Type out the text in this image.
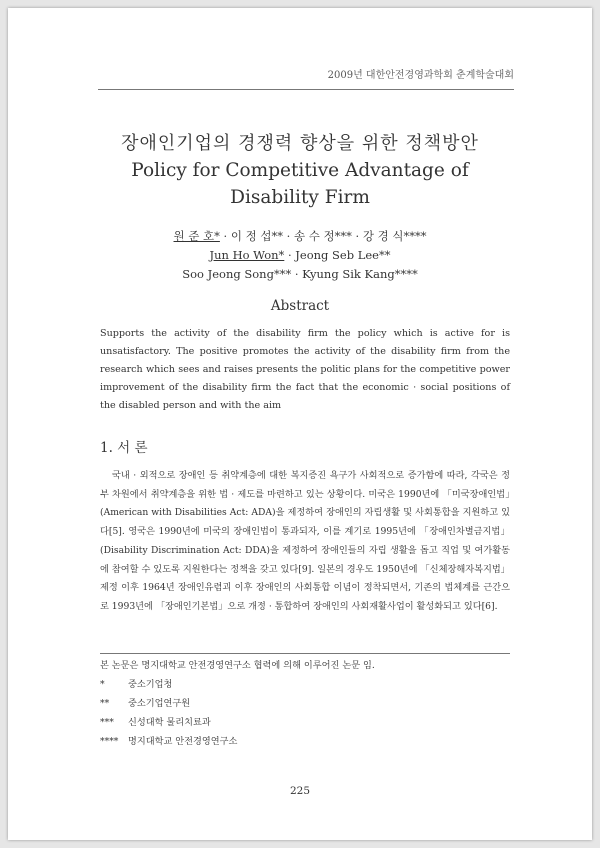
2009년 대한안전경영과학회 춘계학술대회
장애인기업의 경쟁력 향상을 위한 정책방안
Policy for Competitive Advantage of
Disability Firm
원 준 호* · 이 정 섭** · 송 수 정*** · 강 경 식****
Jun Ho Won* · Jeong Seb Lee**
Soo Jeong Song*** · Kyung Sik Kang****
Abstract
Supports the activity of the disability firm the policy which is active for is unsatisfactory. The positive promotes the activity of the disability firm from the research which sees and raises presents the politic plans for the competitive power improvement of the disability firm the fact that the economic · social positions of the disabled person and with the aim
1. 서 론

국내 · 외적으로 장애인 등 취약계층에 대한 복지증진 욕구가 사회적으로 증가함에 따라, 각국은 정부 차원에서 취약계층을 위한 법 · 제도를 마련하고 있는 상황이다. 미국은 1990년에 「미국장애인법」(American with Disabilities Act: ADA)을 제정하여 장애인의 자립생활 및 사회통합을 지원하고 있다[5]. 영국은 1990년에 미국의 장애인법이 통과되자, 이를 계기로 1995년에 「장애인차별금지법」(Disability Discrimination Act: DDA)을 제정하여 장애인들의 자립 생활을 돕고 직업 및 여가활동에 참여할 수 있도록 지원한다는 정책을 갖고 있다[9]. 일본의 경우도 1950년에 「신체장해자복지법」 제정 이후 1964년 장애인유렴괴 이후 장애인의 사회통합 이념이 정착되면서, 기존의 법체계를 근간으로 1993년에 「장애인기본법」으로 개정 · 통합하여 장애인의 사회재활사업이 활성화되고 있다[6].

본 논문은 명지대학교 안전경영연구소 협력에 의해 이루어진 논문 임.
*	중소기업청
**	중소기업연구원
***	신성대학 물리치료과
****	명지대학교 안전경영연구소
225
